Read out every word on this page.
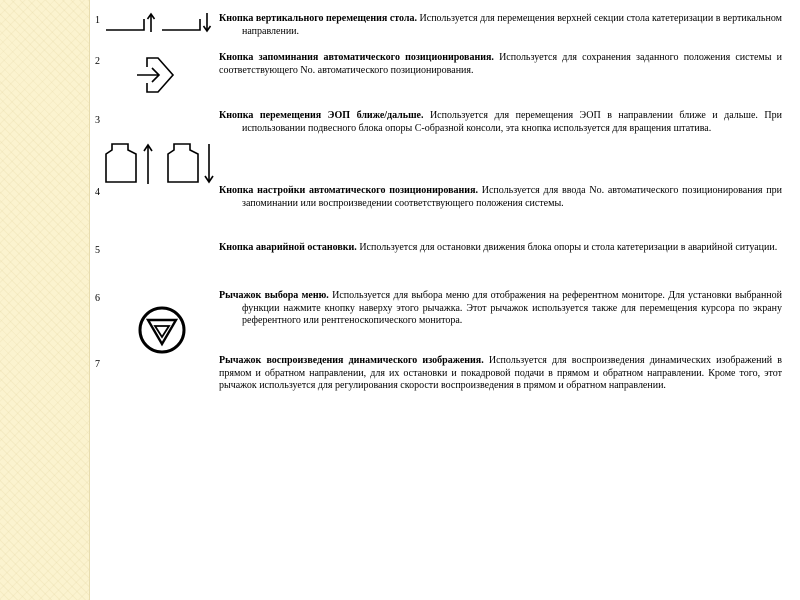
1
2
3
4
5
6
7

Кнопка вертикального перемещения стола. Используется для перемещения верхней секции стола катетеризации в вертикальном направлении.

Кнопка запоминания автоматического позиционирования. Используется для сохранения заданного положения системы и соответствующего No. автоматического позиционирования.

Кнопка перемещения ЭОП ближе/дальше. Используется для перемещения ЭОП в направлении ближе и дальше. При использовании подвесного блока опоры С-образной консоли, эта кнопка используется для вращения штатива.

Кнопка настройки автоматического позиционирования. Используется для ввода No. автоматического позиционирования при запоминании или воспроизведении соответствующего положения системы.

Кнопка аварийной остановки. Используется для остановки движения блока опоры и стола катетеризации в аварийной ситуации.

Рычажок выбора меню. Используется для выбора меню для отображения на референтном мониторе. Для установки выбранной функции нажмите кнопку наверху этого рычажка. Этот рычажок используется также для перемещения курсора по экрану референтного или рентгеноскопического монитора.

Рычажок воспроизведения динамического изображения. Используется для воспроизведения динамических изображений в прямом и обратном направлении, для их остановки и покадровой подачи в прямом и обратном направлении. Кроме того, этот рычажок используется для регулирования скорости воспроизведения в прямом и обратном направлении.
